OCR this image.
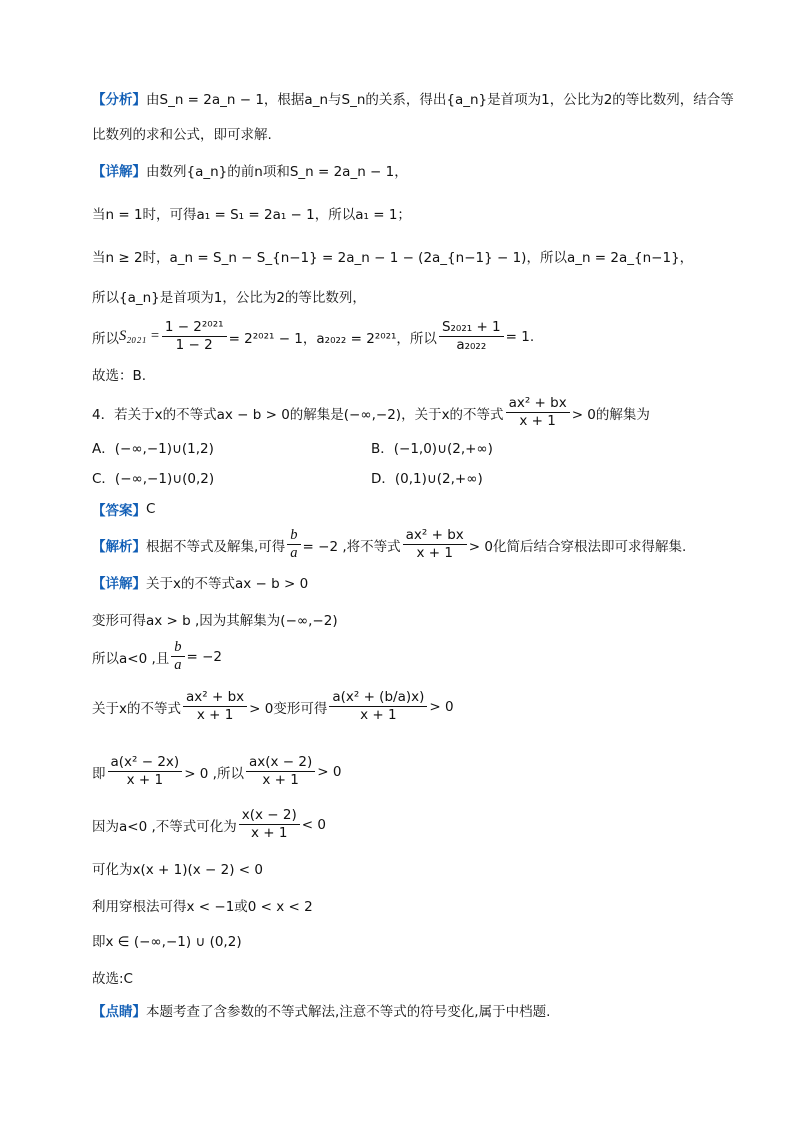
【分析】 由S_n = 2a_n − 1，根据a_n与S_n的关系，得出{a_n}是首项为1，公比为2的等比数列，结合等
比数列的求和公式，即可求解.
【详解】 由数列{a_n}的前n项和S_n = 2a_n − 1，
当n = 1时，可得a₁ = S₁ = 2a₁ − 1，所以a₁ = 1；
当n ≥ 2时，a_n = S_n − S_{n−1} = 2a_n − 1 − (2a_{n−1} − 1)，所以a_n = 2a_{n−1}，
所以{a_n}是首项为1，公比为2的等比数列，
所以 $S_{2021} = \frac{\text{1 − 2²⁰²¹}}{1 - 2} = 2^{2021} - 1$，a₂₀₂₂ = 2²⁰²¹，所以 $\frac{\text{S₂₀₂₁ + 1}}{\text{a₂₀₂₂}} = 1$.
故选：B.
4．若关于x的不等式ax − b > 0的解集是(−∞,−2)，关于x的不等式 $\frac{\text{ax² + bx}}{x + 1} > 0$的解集为
A．(−∞,−1)∪(1,2)	B．(−1,0)∪(2,+∞)
C．(−∞,−1)∪(0,2)	D．(0,1)∪(2,+∞)
【答案】 C
【解析】 根据不等式及解集,可得 $\frac{b}{a} = -2$ ,将不等式 $\frac{\text{ax² + bx}}{x + 1} > 0$化简后结合穿根法即可求得解集.
【详解】 关于x的不等式ax − b > 0
变形可得ax > b ,因为其解集为(−∞,−2)
所以a<0 ,且 $\frac{b}{a} = -2$
关于x的不等式 $\frac{\text{ax² + bx}}{x + 1} > 0$变形可得 $\frac{\text{a(x² + (b/a)x)}}{x + 1} > 0$
即 $\frac{\text{a(x² − 2x)}}{x + 1} > 0$ ,所以 $\frac{ax(x - 2)}{x + 1} > 0$
因为a<0 ,不等式可化为 $\frac{x(x - 2)}{x + 1} < 0$
可化为x(x + 1)(x − 2) < 0
利用穿根法可得x < −1或0 < x < 2
即x ∈ (−∞,−1) ∪ (0,2)
故选:C
【点睛】 本题考查了含参数的不等式解法,注意不等式的符号变化,属于中档题.
